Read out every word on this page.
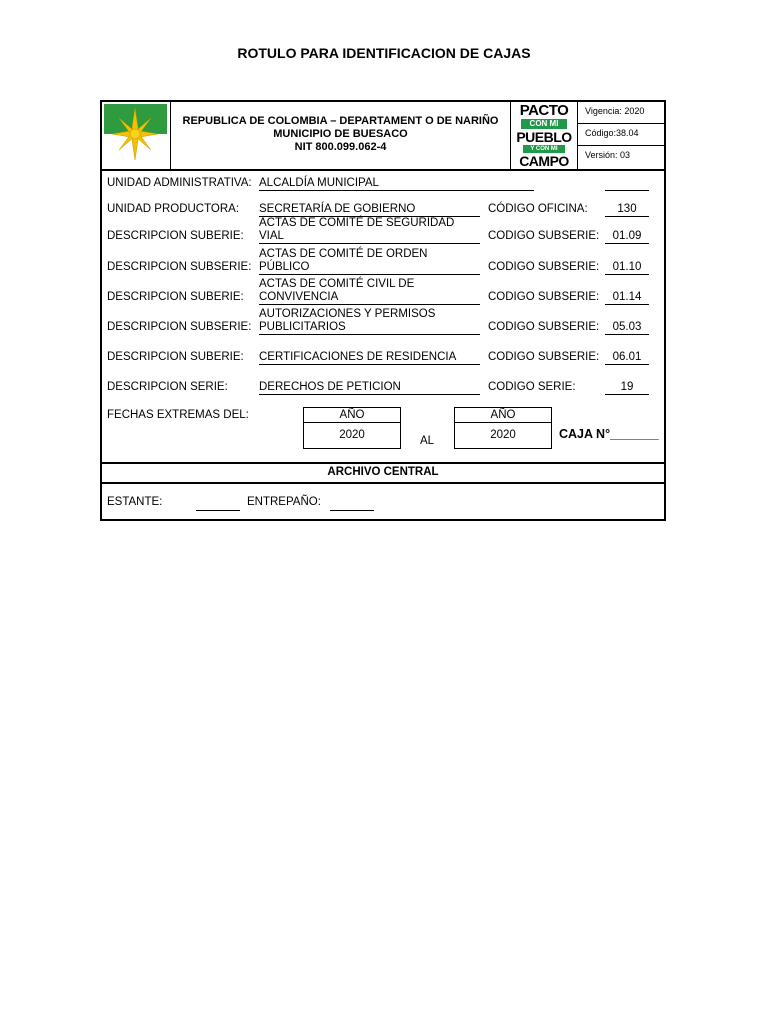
ROTULO PARA IDENTIFICACION DE CAJAS
REPUBLICA DE COLOMBIA – DEPARTAMENT O DE NARIÑO
MUNICIPIO DE BUESACO
NIT 800.099.062-4
PACTO
CON MI
PUEBLO
Y CON MI
CAMPO
Vigencia: 2020
Código:38.04
Versión: 03
UNIDAD ADMINISTRATIVA: ALCALDÍA MUNICIPAL
UNIDAD PRODUCTORA: SECRETARÍA DE GOBIERNO	CÓDIGO OFICINA:	130
DESCRIPCION SUBERIE:
ACTAS DE COMITÉ DE SEGURIDAD VIAL	CODIGO SUBSERIE:	01.09
DESCRIPCION SUBSERIE:
ACTAS DE COMITÉ DE ORDEN PÚBLICO	CODIGO SUBSERIE:	01.10
DESCRIPCION SUBERIE:
ACTAS DE COMITÉ CIVIL DE CONVIVENCIA	CODIGO SUBSERIE:	01.14
DESCRIPCION SUBSERIE:
AUTORIZACIONES Y PERMISOS PUBLICITARIOS	CODIGO SUBSERIE:	05.03
DESCRIPCION SUBERIE: CERTIFICACIONES DE RESIDENCIA	CODIGO SUBSERIE:	06.01
DESCRIPCION SERIE:	DERECHOS DE PETICION	CODIGO SERIE:	19
FECHAS EXTREMAS DEL:	AÑO
2020	AL
AÑO
2020	CAJA N°_______
ARCHIVO CENTRAL
ESTANTE:	ENTREPAÑO:
